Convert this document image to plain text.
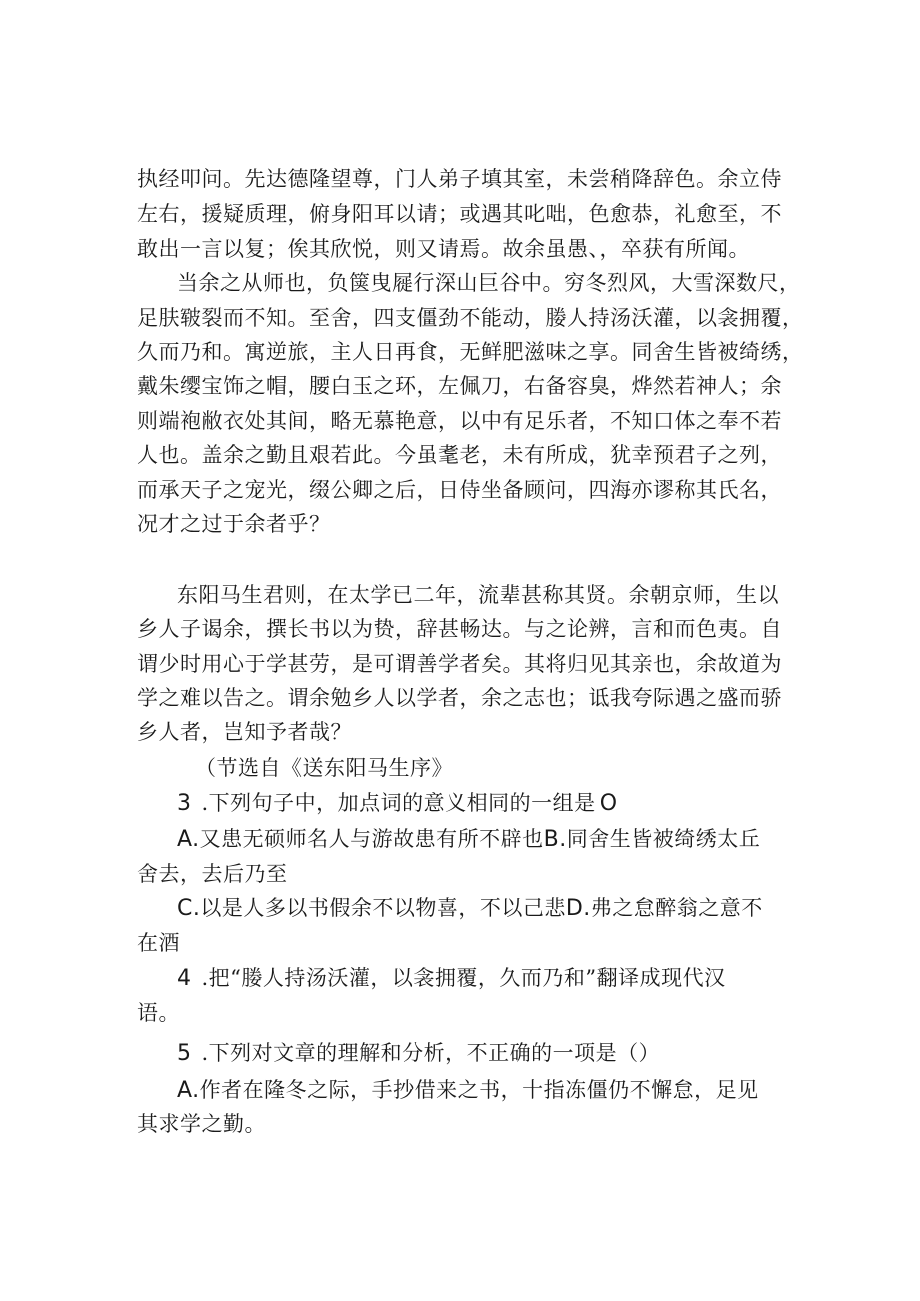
执经叩问。先达德隆望尊，门人弟子填其室，未尝稍降辞色。余立侍
左右，援疑质理，俯身阳耳以请；或遇其叱咄，色愈恭，礼愈至，不
敢出一言以复；俟其欣悦，则又请焉。故余虽愚、，卒获有所闻。
当余之从师也，负箧曳屣行深山巨谷中。穷冬烈风，大雪深数尺，
足肤皲裂而不知。至舍，四支僵劲不能动，媵人持汤沃灌，以衾拥覆，
久而乃和。寓逆旅，主人日再食，无鲜肥滋味之享。同舍生皆被绮绣，
戴朱缨宝饰之帽，腰白玉之环，左佩刀，右备容臭，烨然若神人；余
则端袍敝衣处其间，略无慕艳意，以中有足乐者，不知口体之奉不若
人也。盖余之勤且艰若此。今虽耄老，未有所成，犹幸预君子之列，
而承天子之宠光，缀公卿之后，日侍坐备顾问，四海亦谬称其氏名，
况才之过于余者乎？
东阳马生君则，在太学已二年，流辈甚称其贤。余朝京师，生以
乡人子谒余，撰长书以为贽，辞甚畅达。与之论辨，言和而色夷。自
谓少时用心于学甚劳，是可谓善学者矣。其将归见其亲也，余故道为
学之难以告之。谓余勉乡人以学者，余之志也；诋我夸际遇之盛而骄
乡人者，岂知予者哉？
（节选自《送东阳马生序》
3 .下列句子中，加点词的意义相同的一组是 O
A.又患无硕师名人与游故患有所不辟也B.同舍生皆被绮绣太丘
舍去，去后乃至
C.以是人多以书假余不以物喜，不以己悲D.弗之怠醉翁之意不
在酒
4 .把“媵人持汤沃灌，以衾拥覆，久而乃和”翻译成现代汉
语。
5 .下列对文章的理解和分析，不正确的一项是（）
A.作者在隆冬之际，手抄借来之书，十指冻僵仍不懈怠，足见
其求学之勤。
